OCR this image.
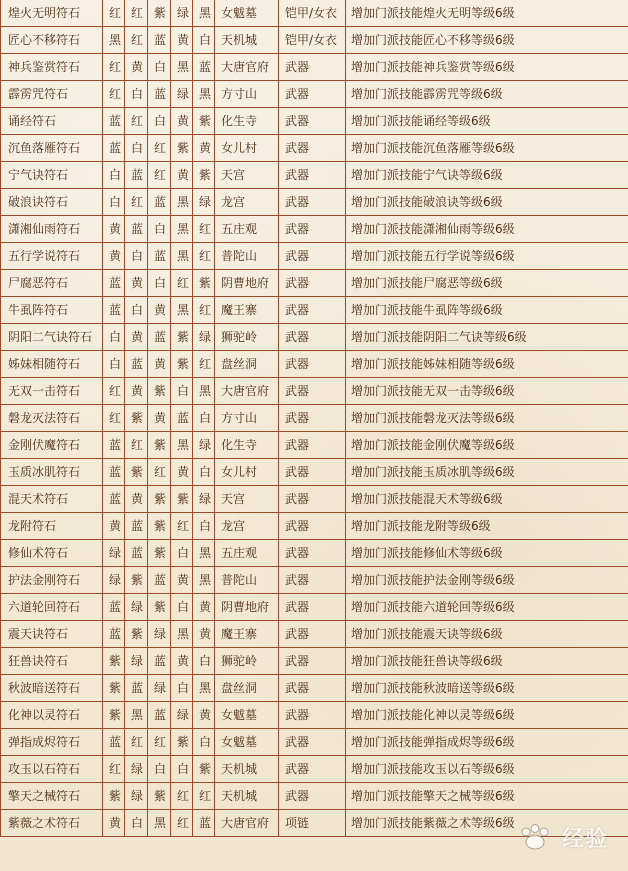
煌火无明符石	红	红	紫	绿	黑	女魃墓	铠甲/女衣	增加门派技能煌火无明等级6级
匠心不移符石	黑	红	蓝	黄	白	天机城	铠甲/女衣	增加门派技能匠心不移等级6级
神兵鉴赏符石	红	黄	白	黑	蓝	大唐官府	武器	增加门派技能神兵鉴赏等级6级
霹雳咒符石	红	白	蓝	绿	黑	方寸山	武器	增加门派技能霹雳咒等级6级
诵经符石	蓝	红	白	黄	紫	化生寺	武器	增加门派技能诵经等级6级
沉鱼落雁符石	蓝	白	红	紫	黄	女儿村	武器	增加门派技能沉鱼落雁等级6级
宁气诀符石	白	蓝	红	黄	紫	天宫	武器	增加门派技能宁气诀等级6级
破浪诀符石	白	红	蓝	黑	绿	龙宫	武器	增加门派技能破浪诀等级6级
潇湘仙雨符石	黄	蓝	白	黑	红	五庄观	武器	增加门派技能潇湘仙雨等级6级
五行学说符石	黄	白	蓝	黑	红	普陀山	武器	增加门派技能五行学说等级6级
尸腐恶符石	蓝	黄	白	红	紫	阴曹地府	武器	增加门派技能尸腐恶等级6级
牛虱阵符石	蓝	白	黄	黑	红	魔王寨	武器	增加门派技能牛虱阵等级6级
阴阳二气诀符石	白	黄	蓝	紫	绿	狮驼岭	武器	增加门派技能阴阳二气诀等级6级
姊妹相随符石	白	蓝	黄	紫	红	盘丝洞	武器	增加门派技能姊妹相随等级6级
无双一击符石	红	黄	紫	白	黑	大唐官府	武器	增加门派技能无双一击等级6级
磐龙灭法符石	红	紫	黄	蓝	白	方寸山	武器	增加门派技能磐龙灭法等级6级
金刚伏魔符石	蓝	红	紫	黑	绿	化生寺	武器	增加门派技能金刚伏魔等级6级
玉质冰肌符石	蓝	紫	红	黄	白	女儿村	武器	增加门派技能玉质冰肌等级6级
混天术符石	蓝	黄	紫	紫	绿	天宫	武器	增加门派技能混天术等级6级
龙附符石	黄	蓝	紫	红	白	龙宫	武器	增加门派技能龙附等级6级
修仙术符石	绿	蓝	紫	白	黑	五庄观	武器	增加门派技能修仙术等级6级
护法金刚符石	绿	紫	蓝	黄	黑	普陀山	武器	增加门派技能护法金刚等级6级
六道轮回符石	蓝	绿	紫	白	黄	阴曹地府	武器	增加门派技能六道轮回等级6级
震天诀符石	蓝	紫	绿	黑	黄	魔王寨	武器	增加门派技能震天诀等级6级
狂兽诀符石	紫	绿	蓝	黄	白	狮驼岭	武器	增加门派技能狂兽诀等级6级
秋波暗送符石	紫	蓝	绿	白	黑	盘丝洞	武器	增加门派技能秋波暗送等级6级
化神以灵符石	紫	黑	蓝	绿	黄	女魃墓	武器	增加门派技能化神以灵等级6级
弹指成烬符石	蓝	红	红	紫	白	女魃墓	武器	增加门派技能弹指成烬等级6级
攻玉以石符石	红	绿	白	白	紫	天机城	武器	增加门派技能攻玉以石等级6级
擎天之械符石	紫	绿	紫	红	红	天机城	武器	增加门派技能擎天之械等级6级
紫薇之术符石	黄	白	黑	红	蓝	大唐官府	项链	增加门派技能紫薇之术等级6级
经验
